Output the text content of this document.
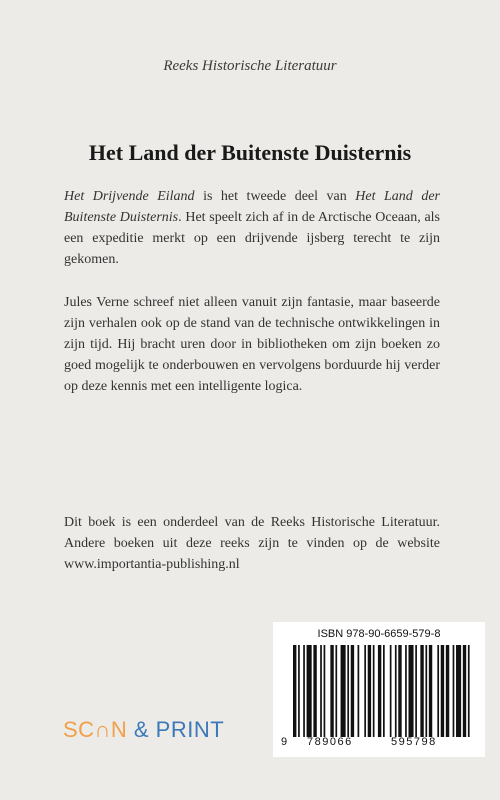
Reeks Historische Literatuur
Het Land der Buitenste Duisternis
Het Drijvende Eiland is het tweede deel van Het Land der Buitenste Duisternis. Het speelt zich af in de Arctische Oceaan, als een expeditie merkt op een drijvende ijsberg terecht te zijn gekomen.
Jules Verne schreef niet alleen vanuit zijn fantasie, maar baseerde zijn verhalen ook op de stand van de technische ontwikkelingen in zijn tijd. Hij bracht uren door in bibliotheken om zijn boeken zo goed mogelijk te onderbouwen en vervolgens borduurde hij verder op deze kennis met een intelligente logica.
Dit boek is een onderdeel van de Reeks Historische Literatuur. Andere boeken uit deze reeks zijn te vinden op de website www.importantia-publishing.nl
SC∩N & PRINT
ISBN 978-90-6659-579-8
9 789066	595798
